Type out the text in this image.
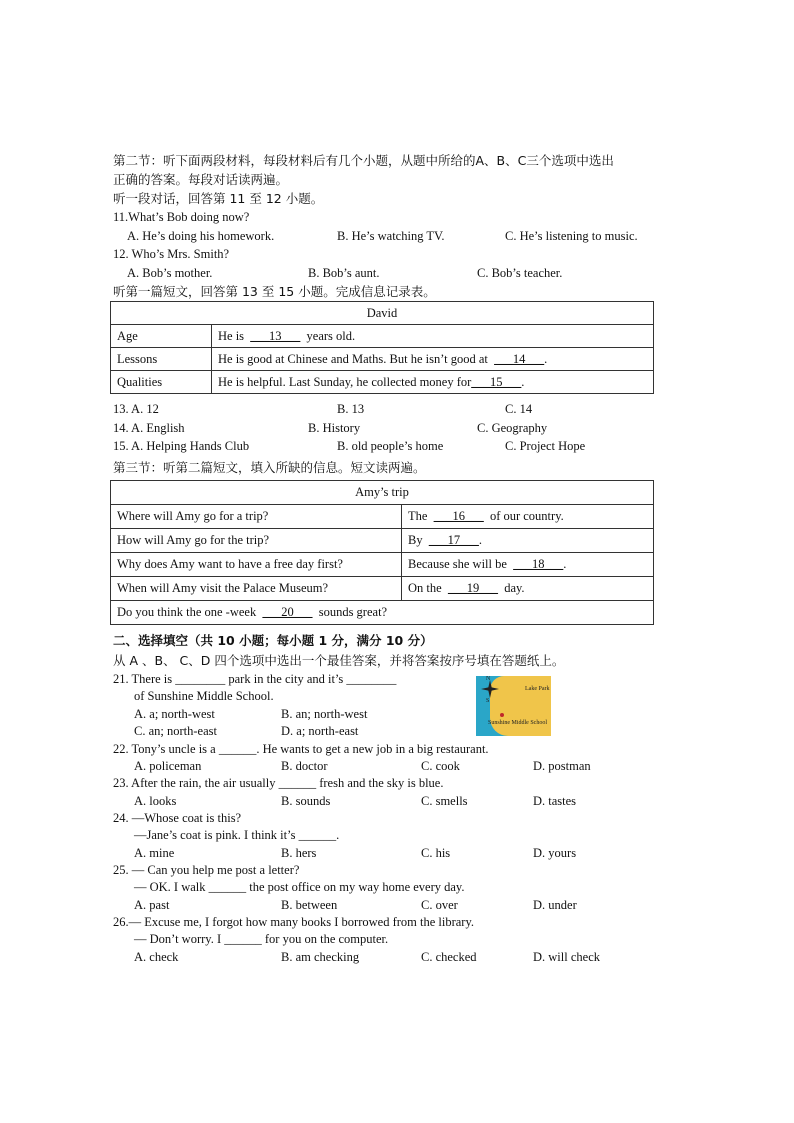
第二节：听下面两段材料，每段材料后有几个小题，从题中所给的A、B、C三个选项中选出
正确的答案。每段对话读两遍。
听一段对话，回答第 11 至 12 小题。
11.What’s Bob doing now?
A. He’s doing his homework.	B. He’s watching TV.	C. He’s listening to music.
12. Who’s Mrs. Smith?
A. Bob’s mother.	B. Bob’s aunt.	C. Bob’s teacher.
听第一篇短文，回答第 13 至 15 小题。完成信息记录表。
David	
Age	He is  ___13___  years old.
Lessons	He is good at Chinese and Maths. But he isn’t good at  ___14___.
Qualities	He is helpful. Last Sunday, he collected money for___15___.
13. A. 12	B. 13	C. 14
14. A. English	B. History	C. Geography
15. A. Helping Hands Club	B. old people’s home	C. Project Hope
第三节：听第二篇短文，填入所缺的信息。短文读两遍。
Amy’s trip	
Where will Amy go for a trip?	The  ___16___  of our country.
How will Amy go for the trip?	By  ___17___.
Why does Amy want to have a free day first?	Because she will be  ___18___.
When will Amy visit the Palace Museum?	On the  ___19___  day.
Do you think the one -week  ___20___  sounds great?	
二、选择填空（共 10 小题；每小题 1 分，满分 10 分）
从 A 、B、 C、D 四个选项中选出一个最佳答案，并将答案按序号填在答题纸上。
21. There is ________ park in the city and it’s ________
of Sunshine Middle School.
A. a; north-west	B. an; north-west
C. an; north-east	D. a; north-east
N
S
Lake Park
Sunshine Middle School
22. Tony’s uncle is a ______. He wants to get a new job in a big restaurant.
A. policeman	B. doctor	C. cook	D. postman
23. After the rain, the air usually ______ fresh and the sky is blue.
A. looks	B. sounds	C. smells	D. tastes
24. —Whose coat is this?
—Jane’s coat is pink. I think it’s ______.
A. mine	B. hers	C. his	D. yours
25. — Can you help me post a letter?
— OK. I walk ______ the post office on my way home every day.
A. past	B. between	C. over	D. under
26.— Excuse me, I forgot how many books I borrowed from the library.
— Don’t worry. I ______ for you on the computer.
A. check	B. am checking	C. checked	D. will check
